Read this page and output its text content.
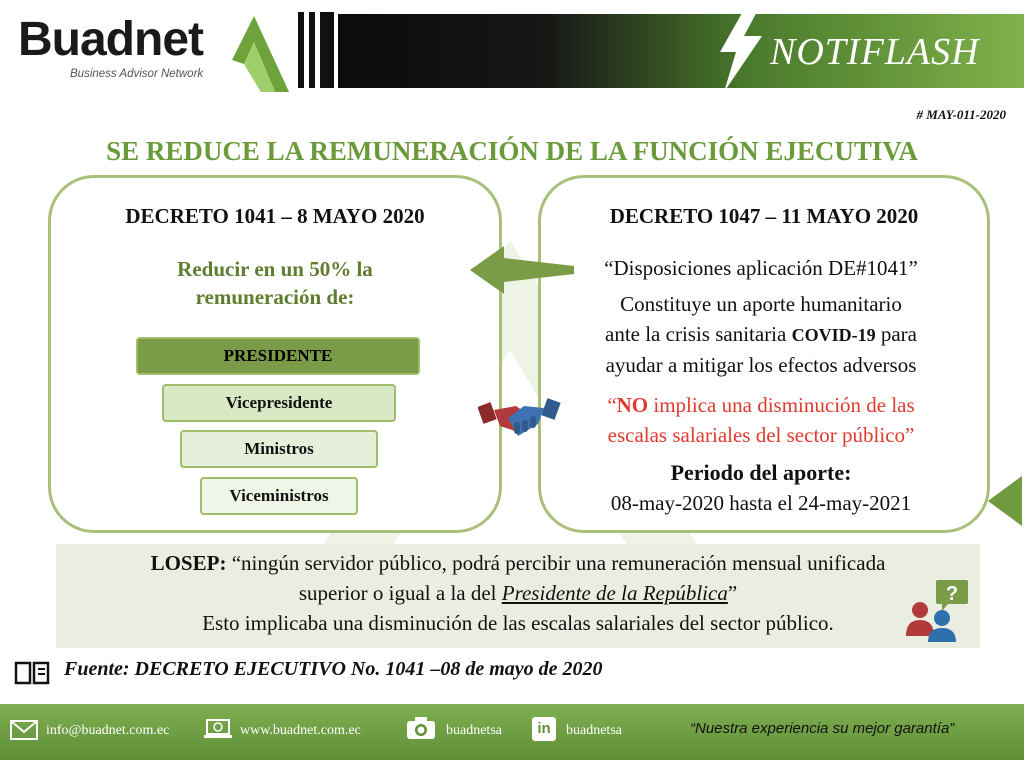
Buadnet
Business Advisor Network
NOTIFLASH
# MAY-011-2020
SE REDUCE LA REMUNERACIÓN DE LA FUNCIÓN EJECUTIVA
DECRETO 1041 – 8 MAYO 2020
Reducir en un 50% la
remuneración de:
PRESIDENTE
Vicepresidente
Ministros
Viceministros
DECRETO 1047 – 11 MAYO 2020
“Disposiciones aplicación DE#1041”
Constituye un aporte humanitario
ante la crisis sanitaria COVID-19 para
ayudar a mitigar los efectos adversos
“NO implica una disminución de las
escalas salariales del sector público”
Periodo del aporte:
08-may-2020 hasta el 24-may-2021
LOSEP: “ningún servidor público, podrá percibir una remuneración mensual unificada
superior o igual a la del Presidente de la República”
Esto implicaba una disminución de las escalas salariales del sector público.
?
Fuente: DECRETO EJECUTIVO No. 1041 –08 de mayo de 2020
info@buadnet.com.ec	www.buadnet.com.ec	buadnetsa	in	buadnetsa	“Nuestra experiencia su mejor garantía”
